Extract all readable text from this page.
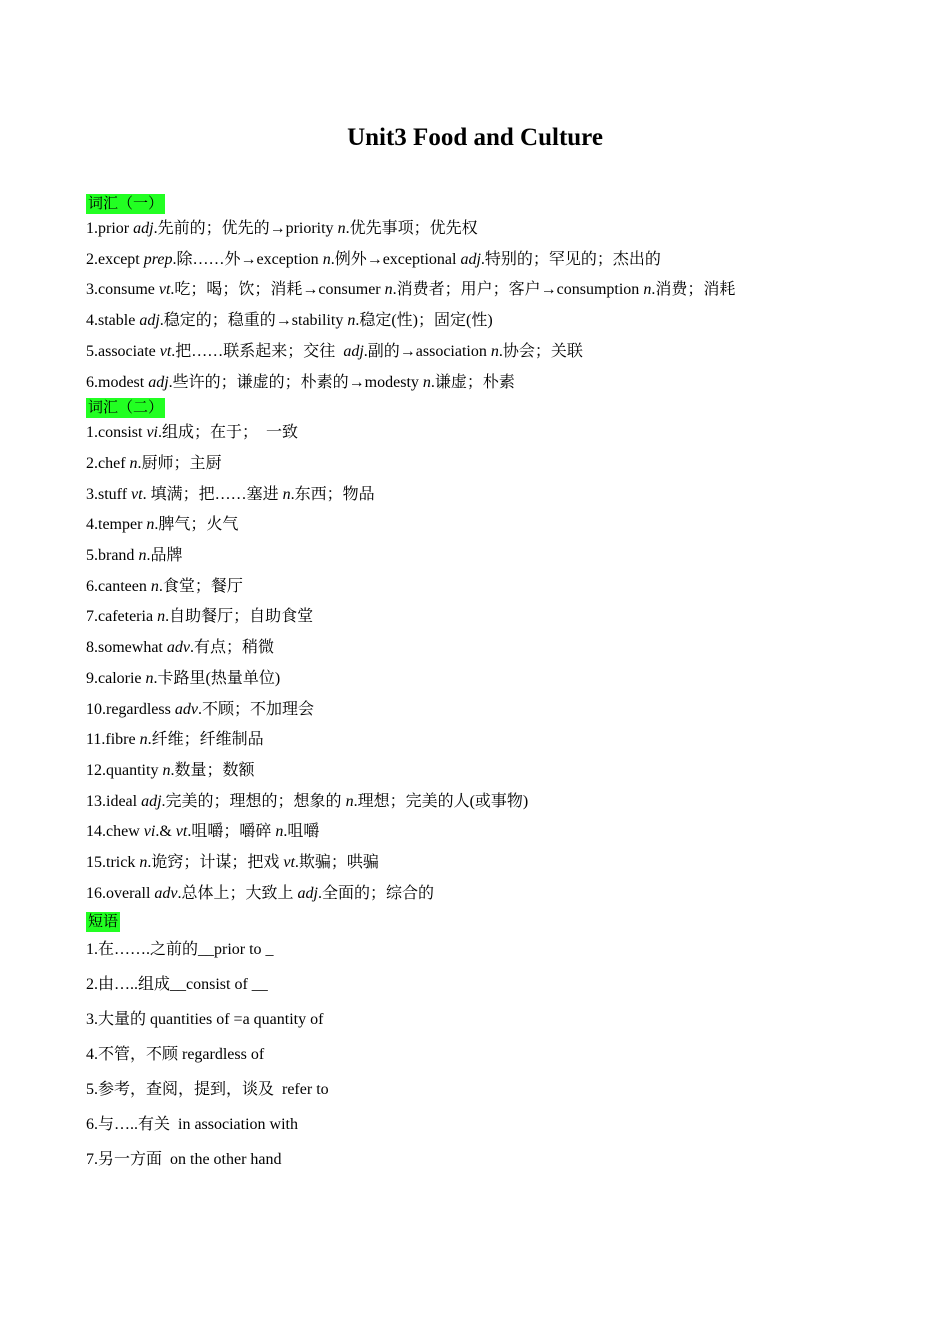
Unit3 Food and Culture
词汇（一）
1.prior adj.先前的；优先的→priority n.优先事项；优先权
2.except prep.除……外→exception n.例外→exceptional adj.特别的；罕见的；杰出的
3.consume vt.吃；喝；饮；消耗→consumer n.消费者；用户；客户→consumption n.消费；消耗
4.stable adj.稳定的；稳重的→stability n.稳定(性)；固定(性)
5.associate vt.把……联系起来；交往  adj.副的→association n.协会；关联
6.modest adj.些许的；谦虚的；朴素的→modesty n.谦虚；朴素
词汇（二）
1.consist vi.组成；在于；  一致
2.chef n.厨师；主厨
3.stuff vt. 填满；把……塞进 n.东西；物品
4.temper n.脾气；火气
5.brand n.品牌
6.canteen n.食堂；餐厅
7.cafeteria n.自助餐厅；自助食堂
8.somewhat adv.有点；稍微
9.calorie n.卡路里(热量单位)
10.regardless adv.不顾；不加理会
11.fibre n.纤维；纤维制品
12.quantity n.数量；数额
13.ideal adj.完美的；理想的；想象的 n.理想；完美的人(或事物)
14.chew vi.& vt.咀嚼；嚼碎 n.咀嚼
15.trick n.诡窍；计谋；把戏 vt.欺骗；哄骗
16.overall adv.总体上；大致上 adj.全面的；综合的
短语
1.在…….之前的__prior to _
2.由…..组成__consist of __
3.大量的 quantities of =a quantity of
4.不管，不顾 regardless of
5.参考，查阅，提到，谈及  refer to
6.与…..有关  in association with
7.另一方面  on the other hand
